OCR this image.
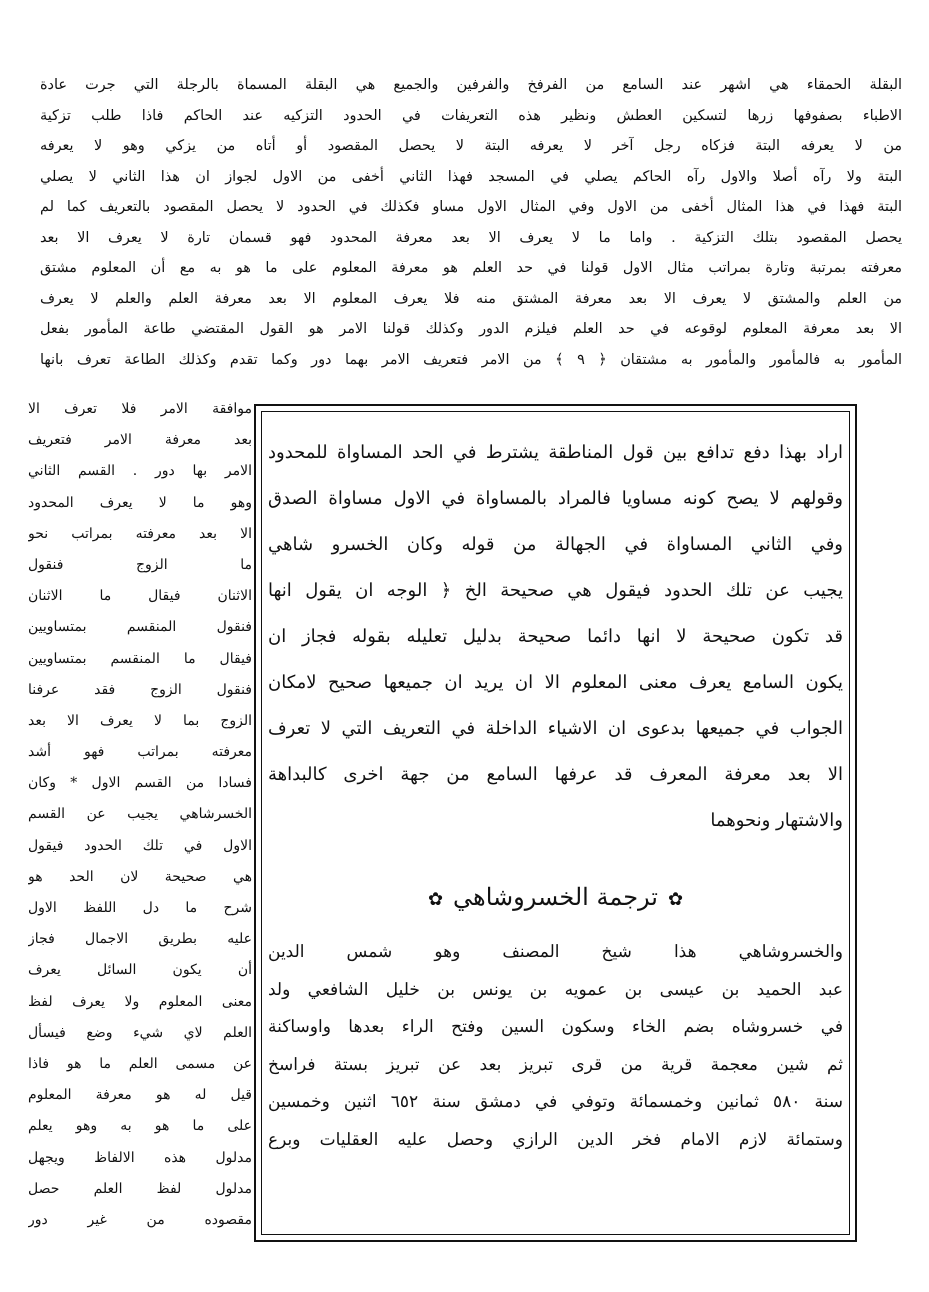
البقلة الحمقاء هي اشهر عند السامع من الفرفخ والفرفين والجميع هي البقلة المسماة بالرجلة التي جرت عادة
الاطباء بصفوفها زرها لتسكين العطش ونظير هذه التعريفات في الحدود التزكيه عند الحاكم فاذا طلب تزكية
من لا يعرفه البتة فزكاه رجل آخر لا يعرفه البتة لا يحصل المقصود أو أتاه من يزكي وهو لا يعرفه
البتة ولا رآه أصلا والاول رآه الحاكم يصلي في المسجد فهذا الثاني أخفى من الاول لجواز ان هذا الثاني لا يصلي
البتة فهذا في هذا المثال أخفى من الاول وفي المثال الاول مساو فكذلك في الحدود لا يحصل المقصود بالتعريف كما لم
يحصل المقصود بتلك التزكية . واما ما لا يعرف الا بعد معرفة المحدود فهو قسمان تارة لا يعرف الا بعد
معرفته بمرتبة وتارة بمراتب مثال الاول قولنا في حد العلم هو معرفة المعلوم على ما هو به مع أن المعلوم مشتق
من العلم والمشتق لا يعرف الا بعد معرفة المشتق منه فلا يعرف المعلوم الا بعد معرفة العلم والعلم لا يعرف
الا بعد معرفة المعلوم لوقوعه في حد العلم فيلزم الدور وكذلك قولنا الامر هو القول المقتضي طاعة المأمور بفعل
المأمور به فالمأمور والمأمور به مشتقان ﴿ ٩ ﴾ من الامر فتعريف الامر بهما دور وكما تقدم وكذلك الطاعة تعرف بانها
موافقة الامر فلا تعرف الا
بعد معرفة الامر فتعريف
الامر بها دور . القسم الثاني
وهو ما لا يعرف المحدود
الا بعد معرفته بمراتب نحو
ما الزوج فنقول
الاثنان فيقال ما الاثنان
فنقول المنقسم بمتساويين
فيقال ما المنقسم بمتساويين
فنقول الزوج فقد عرفنا
الزوج بما لا يعرف الا بعد
معرفته بمراتب فهو أشد
فسادا من القسم الاول * وكان
الخسرشاهي يجيب عن القسم
الاول في تلك الحدود فيقول
هي صحيحة لان الحد هو
شرح ما دل اللفظ الاول
عليه بطريق الاجمال فجاز
أن يكون السائل يعرف
معنى المعلوم ولا يعرف لفظ
العلم لاي شيء وضع فيسأل
عن مسمى العلم ما هو فاذا
قيل له هو معرفة المعلوم
على ما هو به وهو يعلم
مدلول هذه الالفاظ ويجهل
مدلول لفظ العلم حصل
مقصوده من غير دور
اراد بهذا دفع تدافع بين قول المناطقة يشترط في الحد المساواة للمحدود
وقولهم لا يصح كونه مساويا فالمراد بالمساواة في الاول مساواة الصدق
وفي الثاني المساواة في الجهالة من قوله وكان الخسرو شاهي
يجيب عن تلك الحدود فيقول هي صحيحة الخ ﴿ الوجه ان يقول انها
قد تكون صحيحة لا انها دائما صحيحة بدليل تعليله بقوله فجاز ان
يكون السامع يعرف معنى المعلوم الا ان يريد ان جميعها صحيح لامكان
الجواب في جميعها بدعوى ان الاشياء الداخلة في التعريف التي لا تعرف
الا بعد معرفة المعرف قد عرفها السامع من جهة اخرى كالبداهة
والاشتهار ونحوهما
✿ترجمة الخسروشاهي✿
والخسروشاهي هذا شيخ المصنف وهو شمس الدين
عبد الحميد بن عيسى بن عمويه بن يونس بن خليل الشافعي ولد
في خسروشاه بضم الخاء وسكون السين وفتح الراء بعدها واوساكنة
ثم شين معجمة قرية من قرى تبريز بعد عن تبريز بستة فراسخ
سنة ٥٨٠ ثمانين وخمسمائة وتوفي في دمشق سنة ٦٥٢ اثنين وخمسين
وستمائة لازم الامام فخر الدين الرازي وحصل عليه العقليات وبرع
